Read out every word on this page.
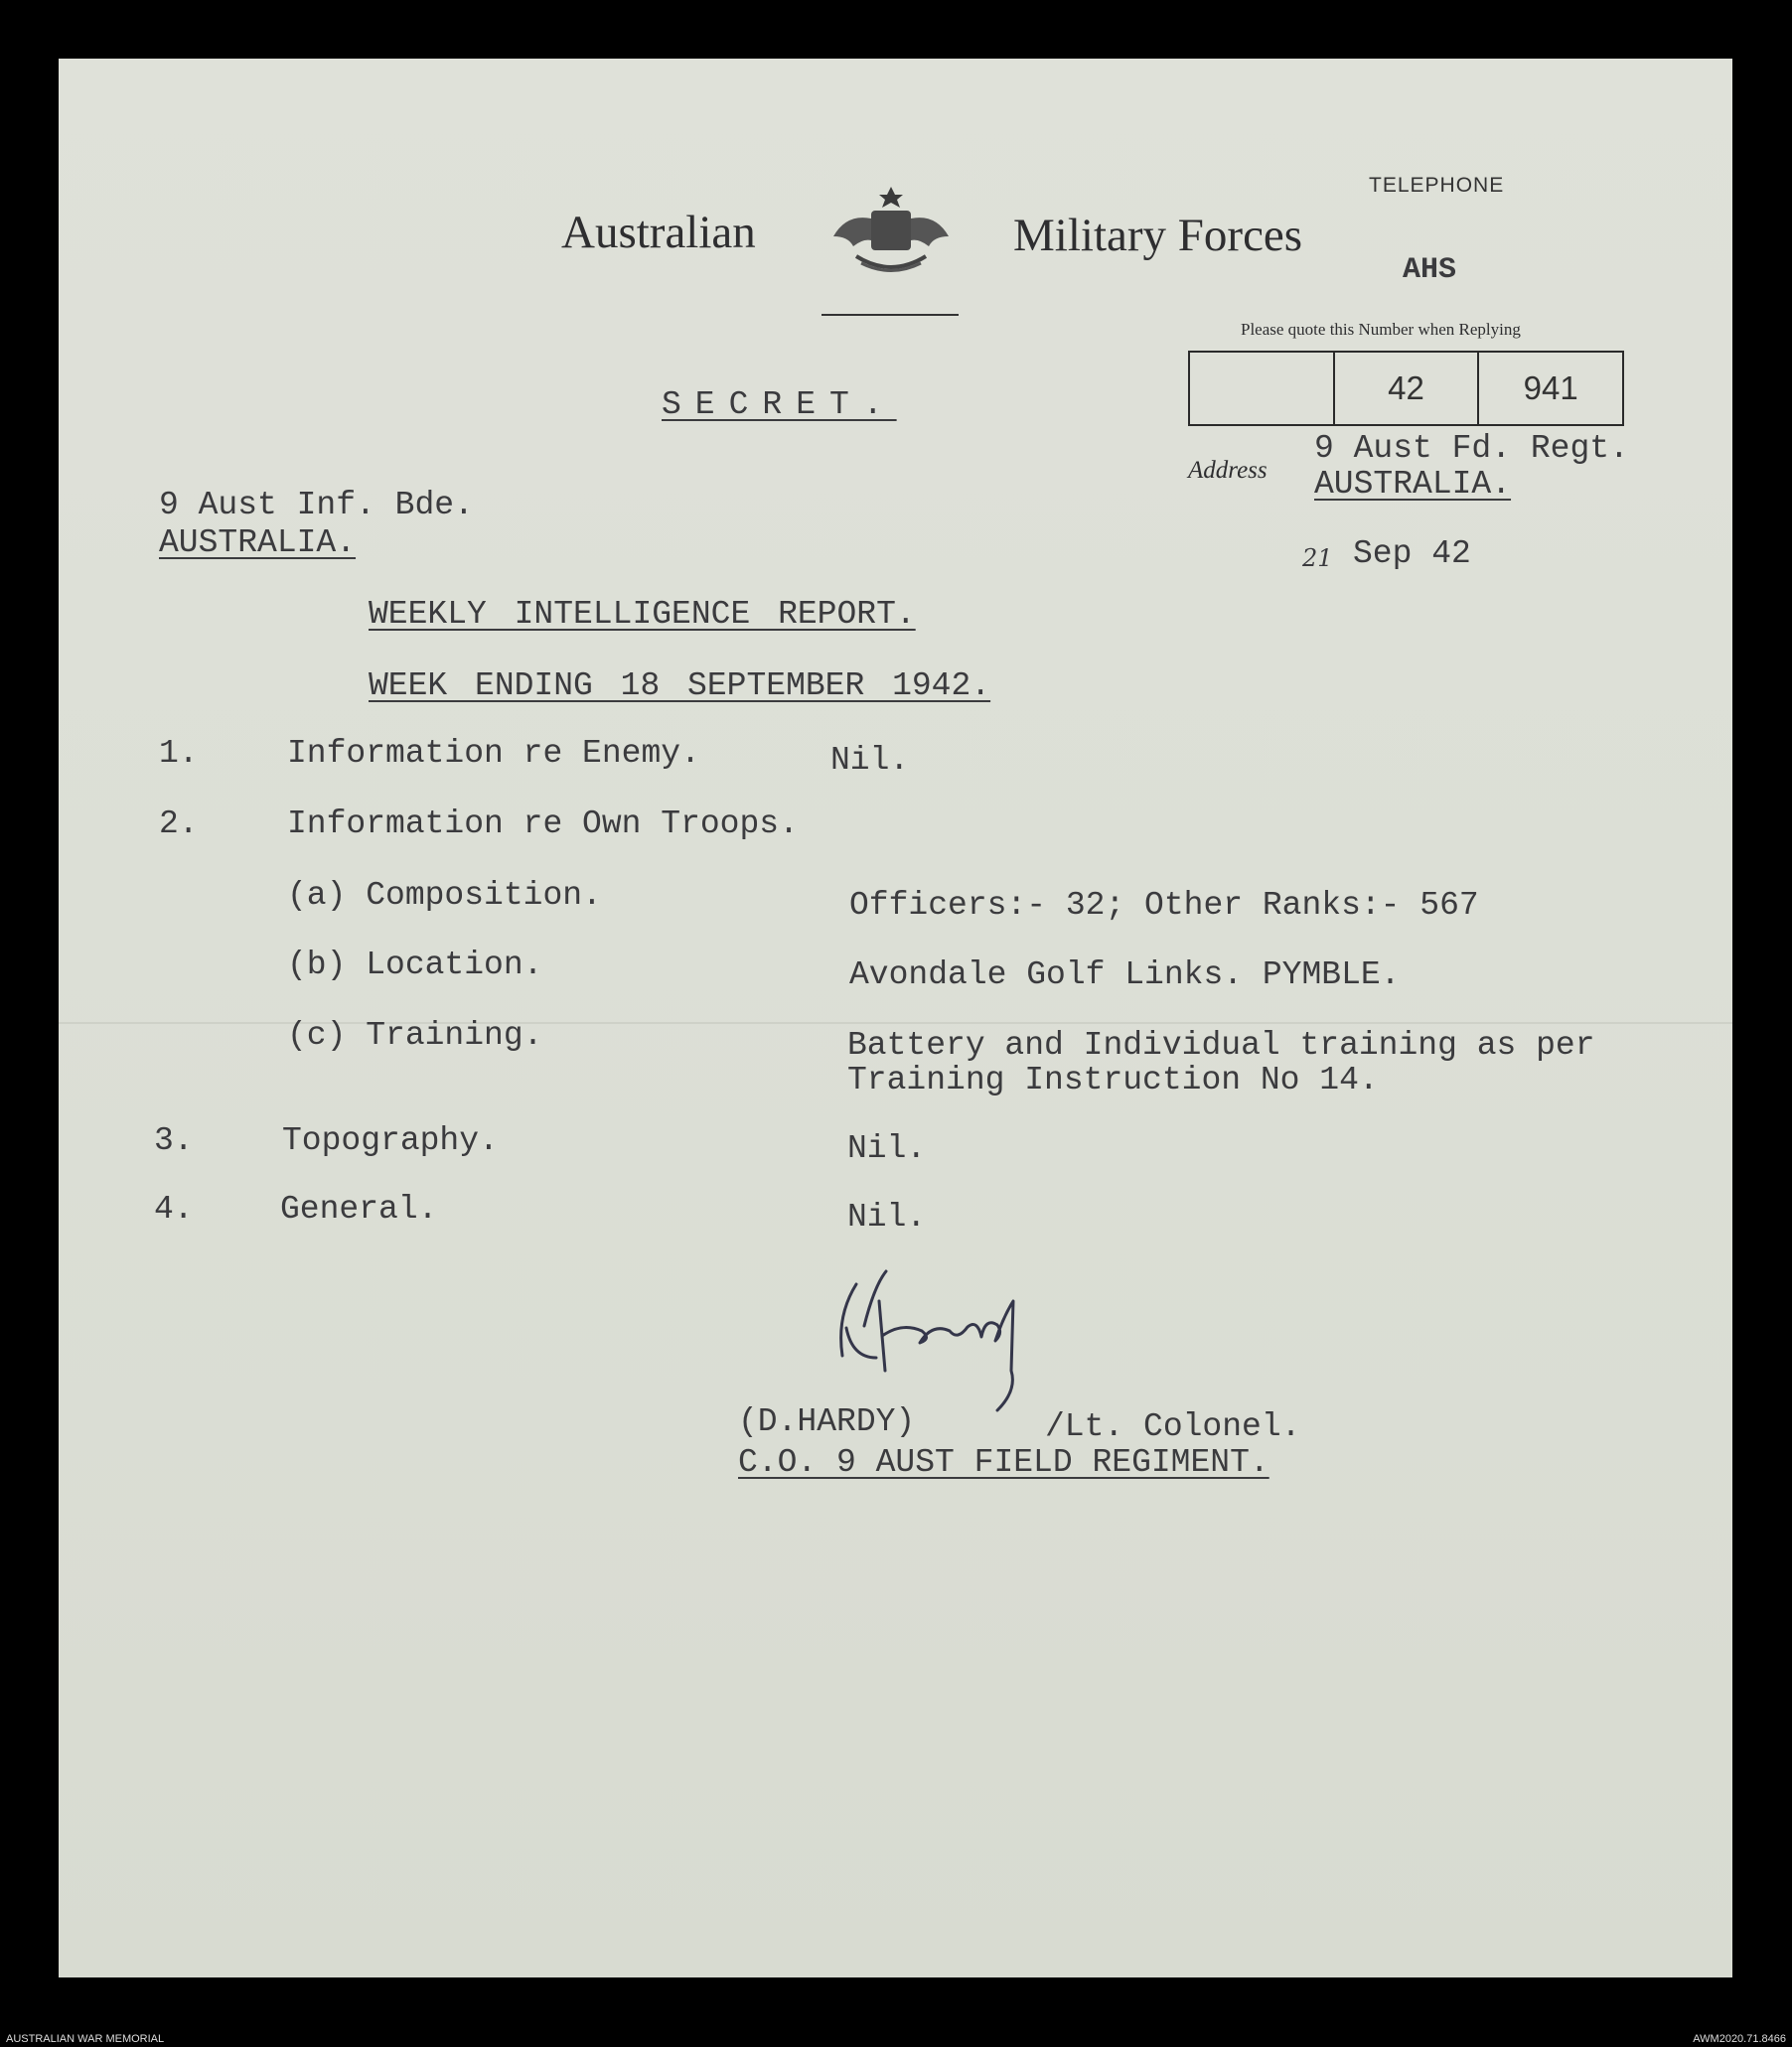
Australian	Military Forces
TELEPHONE
AHS
Please quote this Number when Replying
42	941
Address
9 Aust Fd. Regt.
AUSTRALIA.
SECRET.
21 Sep 42
9 Aust Inf. Bde.
AUSTRALIA.
WEEKLY INTELLIGENCE REPORT.
WEEK ENDING 18 SEPTEMBER 1942.
1.	Information re Enemy.	Nil.
2.	Information re Own Troops.
(a) Composition.	Officers:- 32; Other Ranks:- 567
(b) Location.	Avondale Golf Links. PYMBLE.
(c) Training.	Battery and Individual training as per
Training Instruction No 14.
3.	Topography.	Nil.
4.	General.	Nil.
(D.HARDY)	/Lt. Colonel.
C.O. 9 AUST FIELD REGIMENT.
AUSTRALIAN WAR MEMORIAL	AWM2020.71.8466
